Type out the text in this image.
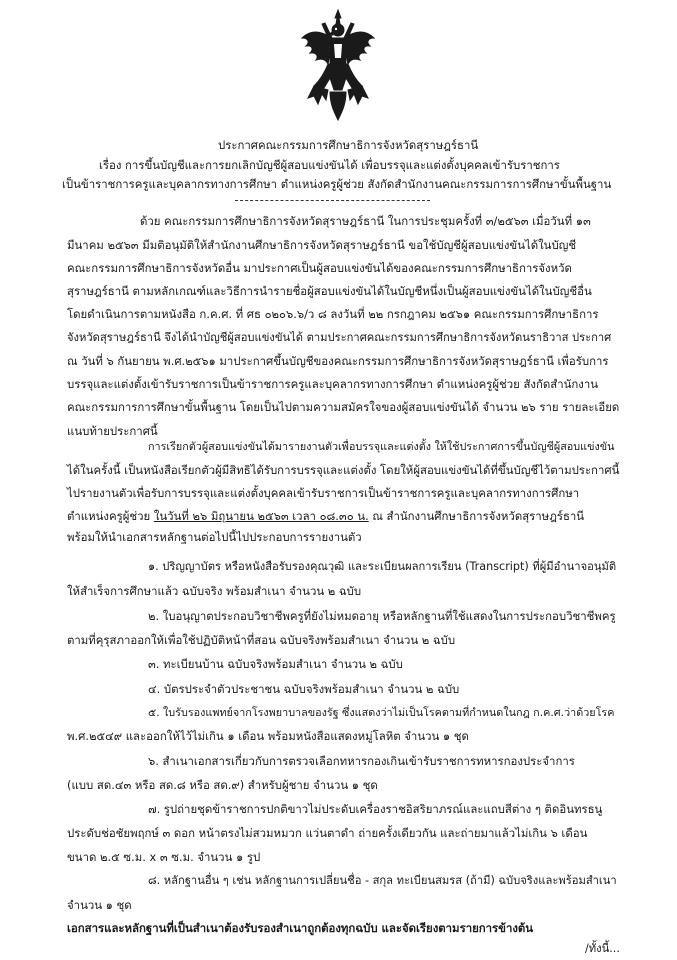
ประกาศคณะกรรมการศึกษาธิการจังหวัดสุราษฎร์ธานี
เรื่อง การขึ้นบัญชีและการยกเลิกบัญชีผู้สอบแข่งขันได้ เพื่อบรรจุและแต่งตั้งบุคคลเข้ารับราชการ
เป็นข้าราชการครูและบุคลากรทางการศึกษา ตำแหน่งครูผู้ช่วย สังกัดสำนักงานคณะกรรมการการศึกษาขั้นพื้นฐาน
ด้วย คณะกรรมการศึกษาธิการจังหวัดสุราษฎร์ธานี ในการประชุมครั้งที่ ๓/๒๕๖๓ เมื่อวันที่ ๑๓
มีนาคม ๒๕๖๓ มีมติอนุมัติให้สำนักงานศึกษาธิการจังหวัดสุราษฎร์ธานี ขอใช้บัญชีผู้สอบแข่งขันได้ในบัญชี
คณะกรรมการศึกษาธิการจังหวัดอื่น มาประกาศเป็นผู้สอบแข่งขันได้ของคณะกรรมการศึกษาธิการจังหวัด
สุราษฎร์ธานี ตามหลักเกณฑ์และวิธีการนำรายชื่อผู้สอบแข่งขันได้ในบัญชีหนึ่งเป็นผู้สอบแข่งขันได้ในบัญชีอื่น
โดยดำเนินการตามหนังสือ ก.ค.ศ. ที่ ศธ ๐๒๐๖.๖/ว ๘ ลงวันที่ ๒๒ กรกฎาคม ๒๕๖๑ คณะกรรมการศึกษาธิการ
จังหวัดสุราษฎร์ธานี จึงได้นำบัญชีผู้สอบแข่งขันได้ ตามประกาศคณะกรรมการศึกษาธิการจังหวัดนราธิวาส ประกาศ
ณ วันที่ ๖ กันยายน พ.ศ.๒๕๖๑ มาประกาศขึ้นบัญชีของคณะกรรมการศึกษาธิการจังหวัดสุราษฎร์ธานี เพื่อรับการ
บรรจุและแต่งตั้งเข้ารับราชการเป็นข้าราชการครูและบุคลากรทางการศึกษา ตำแหน่งครูผู้ช่วย สังกัดสำนักงาน
คณะกรรมการการศึกษาขั้นพื้นฐาน โดยเป็นไปตามความสมัครใจของผู้สอบแข่งขันได้ จำนวน ๒๖ ราย รายละเอียด
แนบท้ายประกาศนี้
การเรียกตัวผู้สอบแข่งขันได้มารายงานตัวเพื่อบรรจุและแต่งตั้ง ให้ใช้ประกาศการขึ้นบัญชีผู้สอบแข่งขัน
ได้ในครั้งนี้ เป็นหนังสือเรียกตัวผู้มีสิทธิได้รับการบรรจุและแต่งตั้ง โดยให้ผู้สอบแข่งขันได้ที่ขึ้นบัญชีไว้ตามประกาศนี้
ไปรายงานตัวเพื่อรับการบรรจุและแต่งตั้งบุคคลเข้ารับราชการเป็นข้าราชการครูและบุคลากรทางการศึกษา
ตำแหน่งครูผู้ช่วย ในวันที่ ๒๖ มิถุนายน ๒๕๖๓ เวลา ๐๘.๓๐ น. ณ สำนักงานศึกษาธิการจังหวัดสุราษฎร์ธานี
พร้อมให้นำเอกสารหลักฐานต่อไปนี้ไปประกอบการรายงานตัว
๑. ปริญญาบัตร หรือหนังสือรับรองคุณวุฒิ และระเบียนผลการเรียน (Transcript) ที่ผู้มีอำนาจอนุมัติ
ให้สำเร็จการศึกษาแล้ว ฉบับจริง พร้อมสำเนา จำนวน ๒ ฉบับ
๒. ใบอนุญาตประกอบวิชาชีพครูที่ยังไม่หมดอายุ หรือหลักฐานที่ใช้แสดงในการประกอบวิชาชีพครู
ตามที่คุรุสภาออกให้เพื่อใช้ปฏิบัติหน้าที่สอน ฉบับจริงพร้อมสำเนา จำนวน ๒ ฉบับ
๓. ทะเบียนบ้าน ฉบับจริงพร้อมสำเนา จำนวน ๒ ฉบับ
๔. บัตรประจำตัวประชาชน ฉบับจริงพร้อมสำเนา จำนวน ๒ ฉบับ
๕. ใบรับรองแพทย์จากโรงพยาบาลของรัฐ ซึ่งแสดงว่าไม่เป็นโรคตามที่กำหนดในกฎ ก.ค.ศ.ว่าด้วยโรค
พ.ศ.๒๕๔๙ และออกให้ไว้ไม่เกิน ๑ เดือน พร้อมหนังสือแสดงหมู่โลหิต จำนวน ๑ ชุด
๖. สำเนาเอกสารเกี่ยวกับการตรวจเลือกทหารกองเกินเข้ารับราชการทหารกองประจำการ
(แบบ สด.๔๓ หรือ สด.๘ หรือ สด.๙) สำหรับผู้ชาย จำนวน ๑ ชุด
๗. รูปถ่ายชุดข้าราชการปกติขาวไม่ประดับเครื่องราชอิสริยาภรณ์และแถบสีต่าง ๆ ติดอินทรธนู
ประดับช่อชัยพฤกษ์ ๓ ดอก หน้าตรงไม่สวมหมวก แว่นตาดำ ถ่ายครั้งเดียวกัน และถ่ายมาแล้วไม่เกิน ๖ เดือน
ขนาด ๒.๕ ซ.ม. x ๓ ซ.ม. จำนวน ๑ รูป
๘. หลักฐานอื่น ๆ เช่น หลักฐานการเปลี่ยนชื่อ - สกุล ทะเบียนสมรส (ถ้ามี) ฉบับจริงและพร้อมสำเนา
จำนวน ๑ ชุด
เอกสารและหลักฐานที่เป็นสำเนาต้องรับรองสำเนาถูกต้องทุกฉบับ และจัดเรียงตามรายการข้างต้น
/ทั้งนี้...
